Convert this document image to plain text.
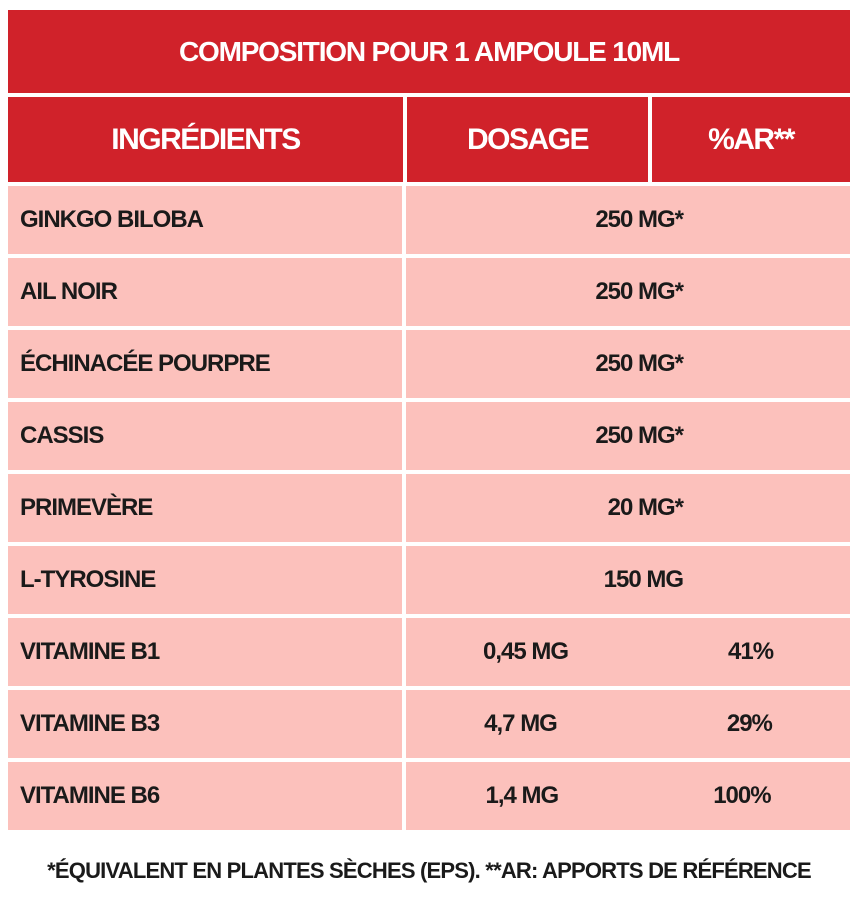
COMPOSITION POUR 1 AMPOULE 10ML
INGRÉDIENTS	DOSAGE	%AR**
GINKGO BILOBA	250 MG*
AIL NOIR	250 MG*
ÉCHINACÉE POURPRE	250 MG*
CASSIS	250 MG*
PRIMEVÈRE	20 MG*
L-TYROSINE	150 MG
VITAMINE B1	0,45 MG	41%
VITAMINE B3	4,7 MG	29%
VITAMINE B6	1,4 MG	100%
*ÉQUIVALENT EN PLANTES SÈCHES (EPS). **AR: APPORTS DE RÉFÉRENCE
